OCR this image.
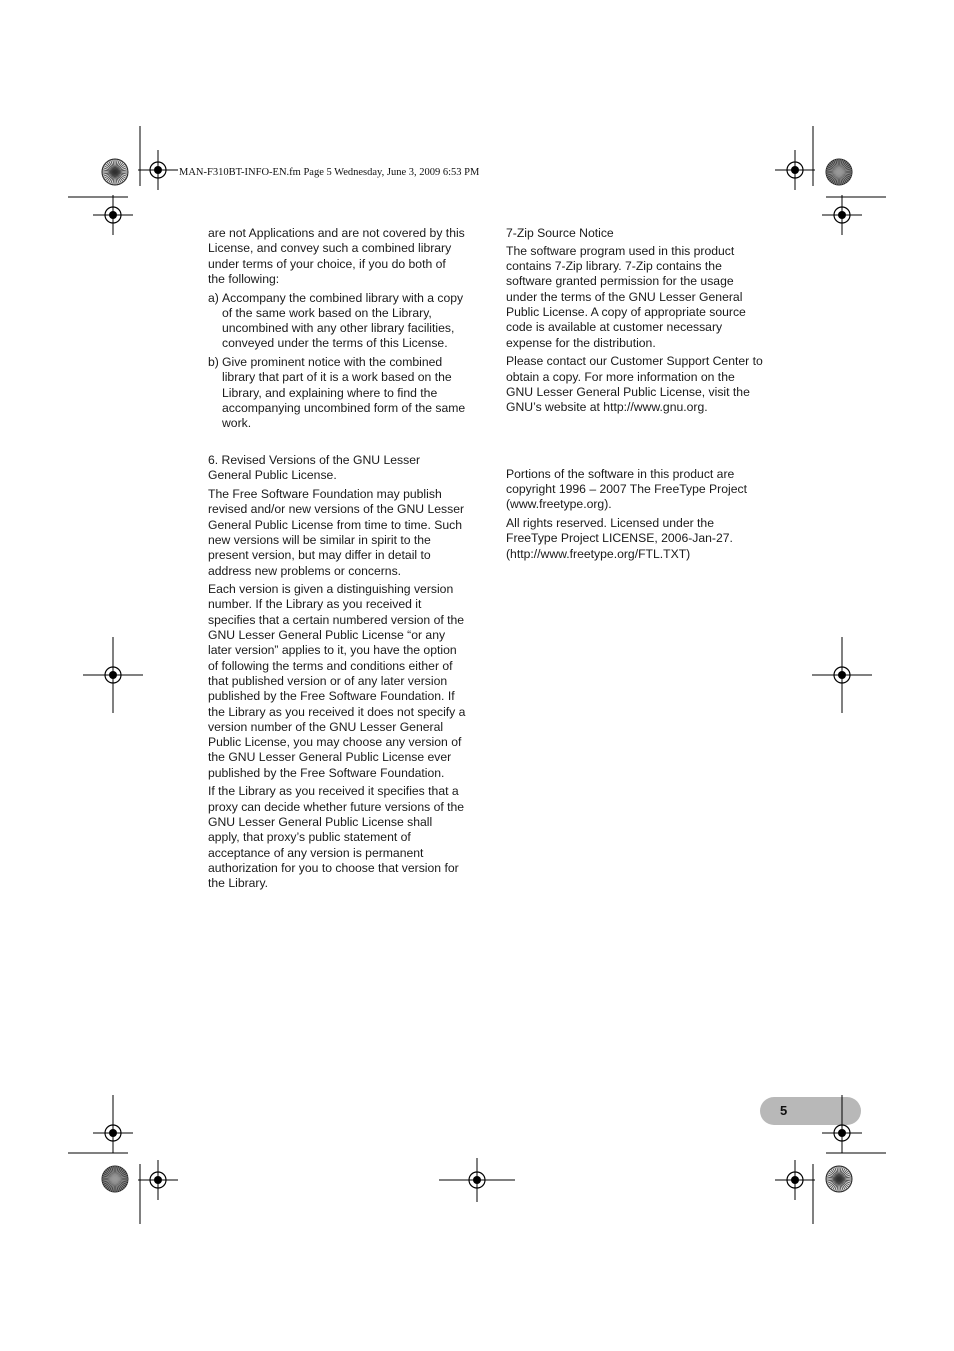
MAN-F310BT-INFO-EN.fm Page 5 Wednesday, June 3, 2009 6:53 PM

are not Applications and are not covered by this License, and convey such a combined library under terms of your choice, if you do both of the following:

a) Accompany the combined library with a copy of the same work based on the Library, uncombined with any other library facilities, conveyed under the terms of this License.
b) Give prominent notice with the combined library that part of it is a work based on the Library, and explaining where to find the accompanying uncombined form of the same work.

6. Revised Versions of the GNU Lesser General Public License.

The Free Software Foundation may publish revised and/or new versions of the GNU Lesser General Public License from time to time. Such new versions will be similar in spirit to the present version, but may differ in detail to address new problems or concerns.

Each version is given a distinguishing version number. If the Library as you received it specifies that a certain numbered version of the GNU Lesser General Public License “or any later version” applies to it, you have the option of following the terms and conditions either of that published version or of any later version published by the Free Software Foundation. If the Library as you received it does not specify a version number of the GNU Lesser General Public License, you may choose any version of the GNU Lesser General Public License ever published by the Free Software Foundation.

If the Library as you received it specifies that a proxy can decide whether future versions of the GNU Lesser General Public License shall apply, that proxy’s public statement of acceptance of any version is permanent authorization for you to choose that version for the Library.

7-Zip Source Notice

The software program used in this product contains 7-Zip library. 7-Zip contains the software granted permission for the usage under the terms of the GNU Lesser General Public License. A copy of appropriate source code is available at customer necessary expense for the distribution.

Please contact our Customer Support Center to obtain a copy. For more information on the GNU Lesser General Public License, visit the GNU’s website at http://www.gnu.org.

Portions of the software in this product are copyright 1996 – 2007 The FreeType Project (www.freetype.org).

All rights reserved. Licensed under the FreeType Project LICENSE, 2006-Jan-27. (http://www.freetype.org/FTL.TXT)

5
